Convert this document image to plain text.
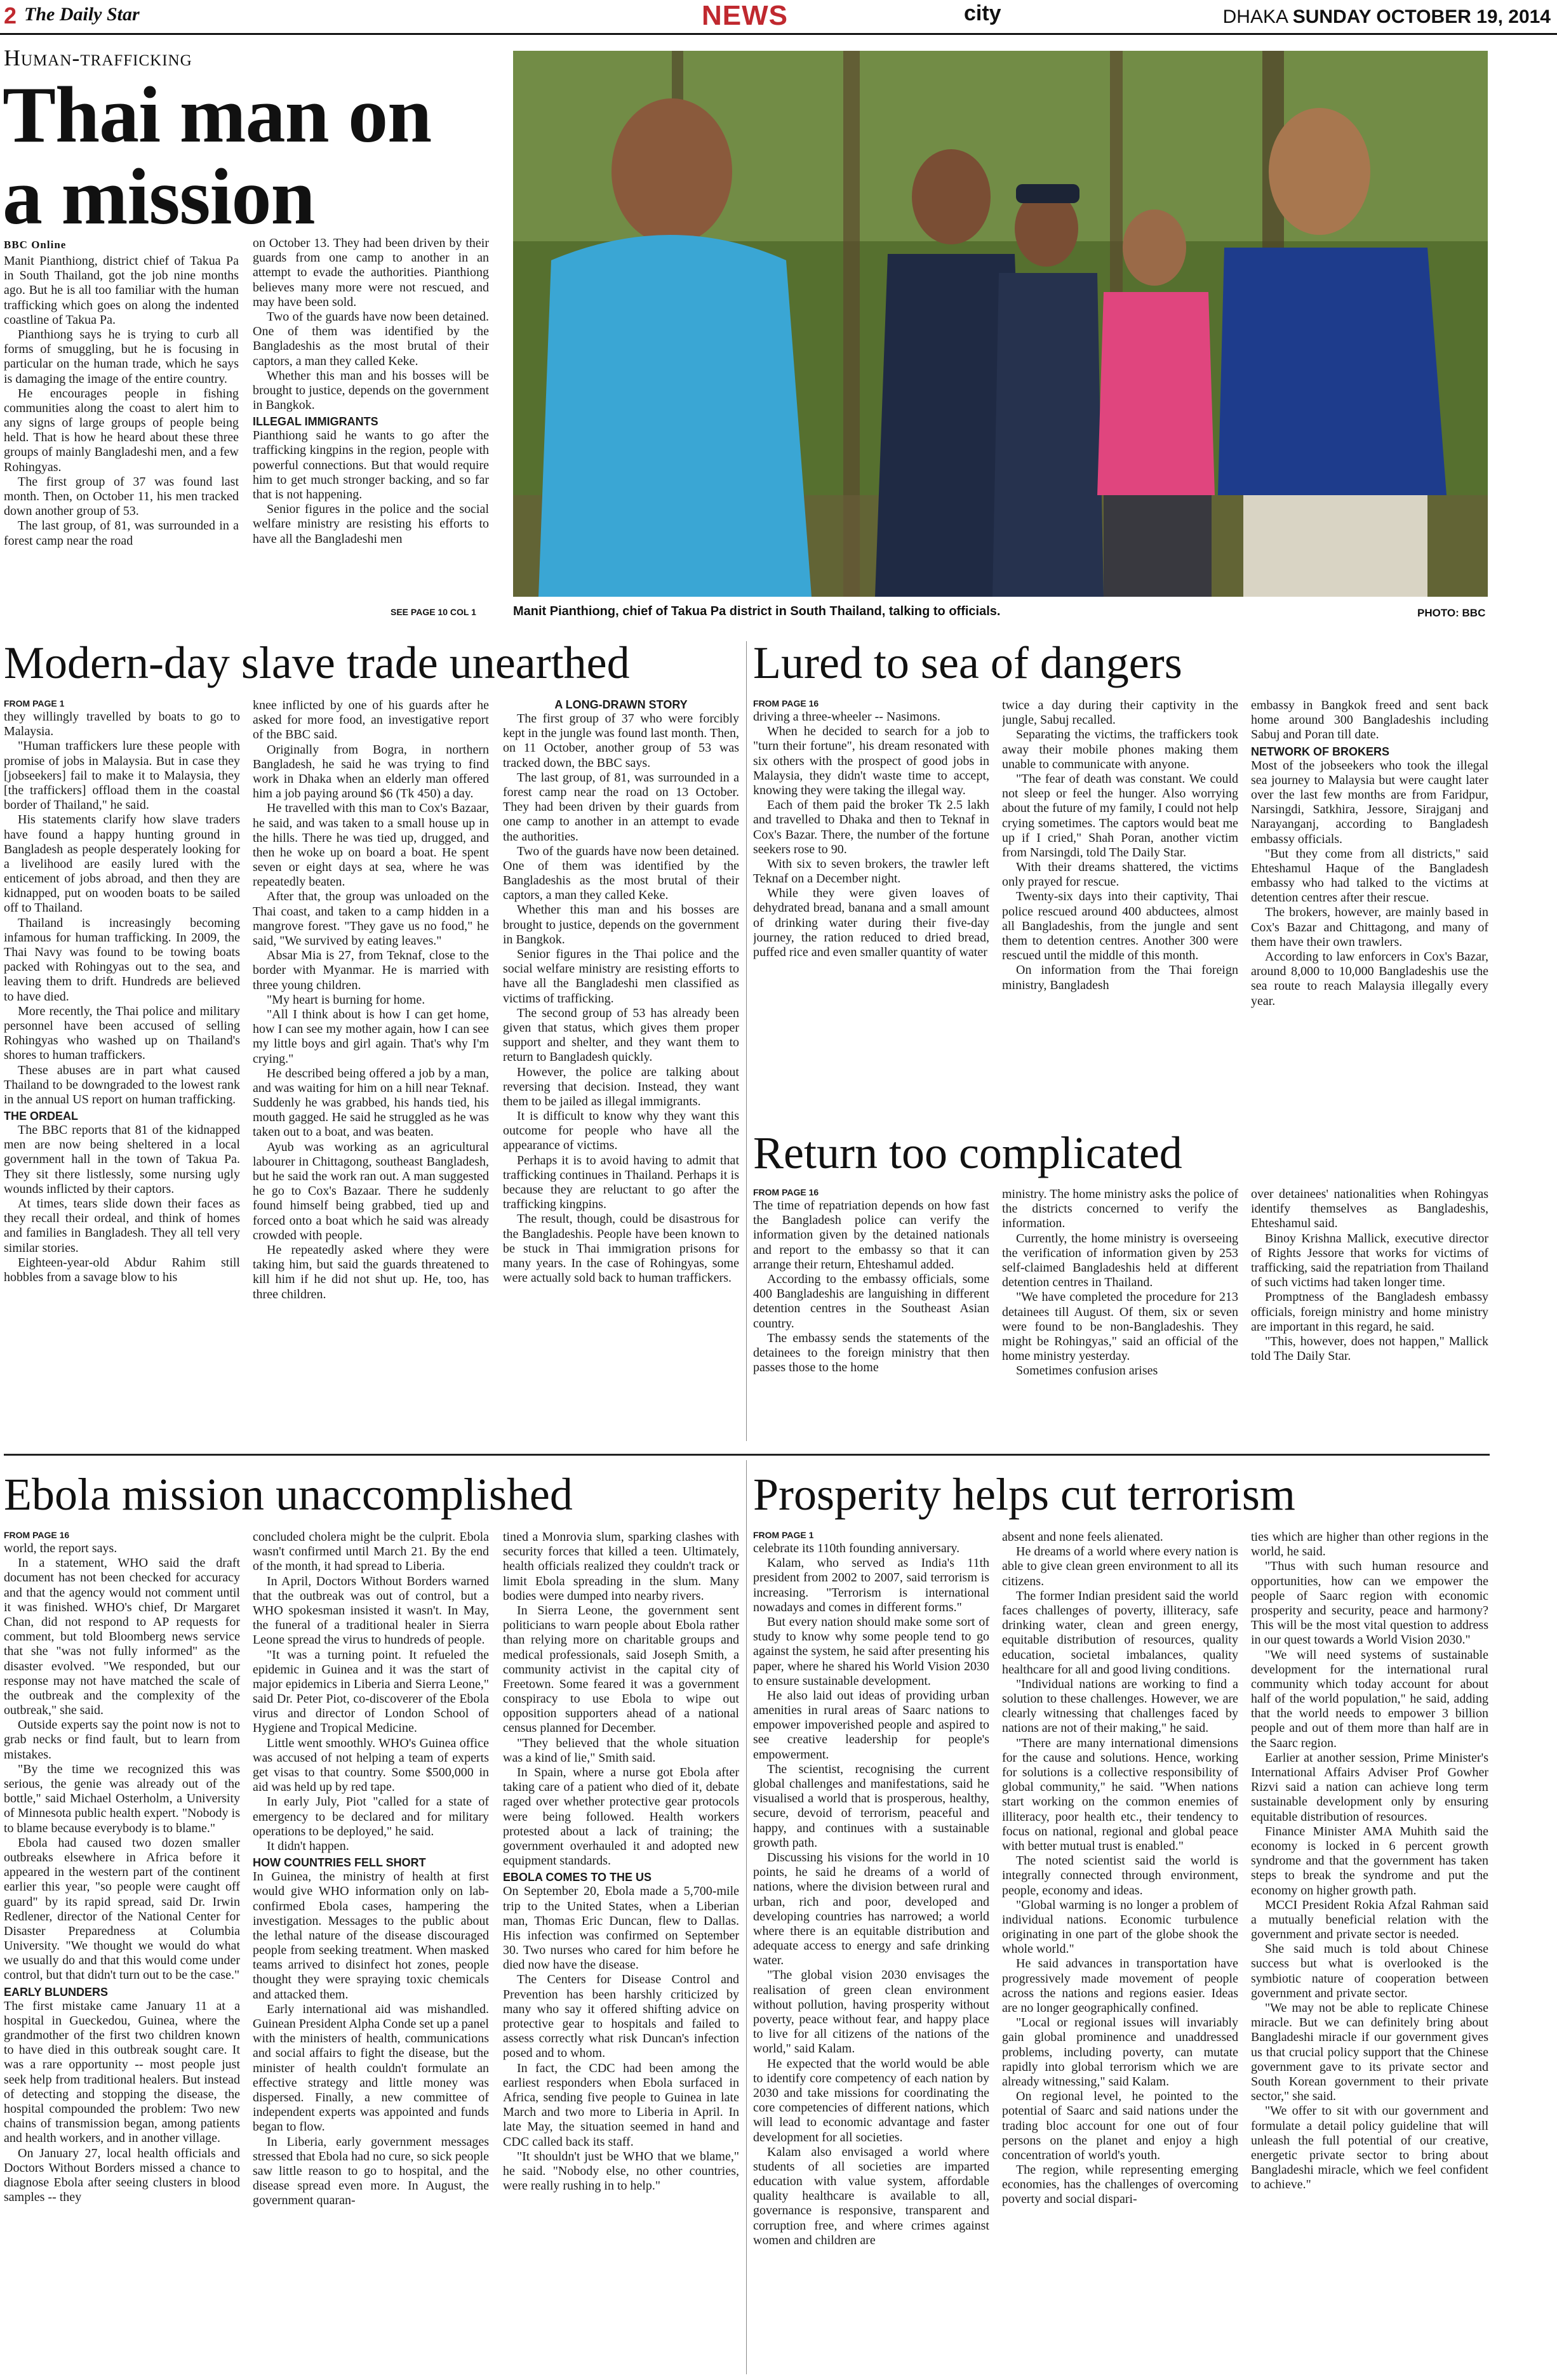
2 The Daily Star	NEWS	city	DHAKA SUNDAY OCTOBER 19, 2014
Human-trafficking
Thai man on
a mission
BBC Online

Manit Pianthiong, district chief of Takua Pa in South Thailand, got the job nine months ago. But he is all too familiar with the human trafficking which goes on along the indented coastline of Takua Pa.

Pianthiong says he is trying to curb all forms of smuggling, but he is focusing in particular on the human trade, which he says is damaging the image of the entire country.

He encourages people in fishing communities along the coast to alert him to any signs of large groups of people being held. That is how he heard about these three groups of mainly Bangladeshi men, and a few Rohingyas.

The first group of 37 was found last month. Then, on October 11, his men tracked down another group of 53.

The last group, of 81, was surrounded in a forest camp near the road

on October 13. They had been driven by their guards from one camp to another in an attempt to evade the authorities. Pianthiong believes many more were not rescued, and may have been sold.

Two of the guards have now been detained. One of them was identified by the Bangladeshis as the most brutal of their captors, a man they called Keke.

Whether this man and his bosses will be brought to justice, depends on the government in Bangkok.

ILLEGAL IMMIGRANTS

Pianthiong said he wants to go after the trafficking kingpins in the region, people with powerful connections. But that would require him to get much stronger backing, and so far that is not happening.

Senior figures in the police and the social welfare ministry are resisting his efforts to have all the Bangladeshi men

SEE PAGE 10 COL 1	Manit Pianthiong, chief of Takua Pa district in South Thailand, talking to officials.	PHOTO: BBC
Modern-day slave trade unearthed
FROM PAGE 1

they willingly travelled by boats to go to Malaysia.

"Human traffickers lure these people with promise of jobs in Malaysia. But in case they [jobseekers] fail to make it to Malaysia, they [the traffickers] offload them in the coastal border of Thailand," he said.

His statements clarify how slave traders have found a happy hunting ground in Bangladesh as people desperately looking for a livelihood are easily lured with the enticement of jobs abroad, and then they are kidnapped, put on wooden boats to be sailed off to Thailand.

Thailand is increasingly becoming infamous for human trafficking. In 2009, the Thai Navy was found to be towing boats packed with Rohingyas out to the sea, and leaving them to drift. Hundreds are believed to have died.

More recently, the Thai police and military personnel have been accused of selling Rohingyas who washed up on Thailand's shores to human traffickers.

These abuses are in part what caused Thailand to be downgraded to the lowest rank in the annual US report on human trafficking.

THE ORDEAL

The BBC reports that 81 of the kidnapped men are now being sheltered in a local government hall in the town of Takua Pa. They sit there listlessly, some nursing ugly wounds inflicted by their captors.

At times, tears slide down their faces as they recall their ordeal, and think of homes and families in Bangladesh. They all tell very similar stories.

Eighteen-year-old Abdur Rahim still hobbles from a savage blow to his

knee inflicted by one of his guards after he asked for more food, an investigative report of the BBC said.

Originally from Bogra, in northern Bangladesh, he said he was trying to find work in Dhaka when an elderly man offered him a job paying around $6 (Tk 450) a day.

He travelled with this man to Cox's Bazaar, he said, and was taken to a small house up in the hills. There he was tied up, drugged, and then he woke up on board a boat. He spent seven or eight days at sea, where he was repeatedly beaten.

After that, the group was unloaded on the Thai coast, and taken to a camp hidden in a mangrove forest. "They gave us no food," he said, "We survived by eating leaves."

Absar Mia is 27, from Teknaf, close to the border with Myanmar. He is married with three young children.

"My heart is burning for home.

"All I think about is how I can get home, how I can see my mother again, how I can see my little boys and girl again. That's why I'm crying."

He described being offered a job by a man, and was waiting for him on a hill near Teknaf. Suddenly he was grabbed, his hands tied, his mouth gagged. He said he struggled as he was taken out to a boat, and was beaten.

Ayub was working as an agricultural labourer in Chittagong, southeast Bangladesh, but he said the work ran out. A man suggested he go to Cox's Bazaar. There he suddenly found himself being grabbed, tied up and forced onto a boat which he said was already crowded with people.

He repeatedly asked where they were taking him, but said the guards threatened to kill him if he did not shut up. He, too, has three children.

A LONG-DRAWN STORY

The first group of 37 who were forcibly kept in the jungle was found last month. Then, on 11 October, another group of 53 was tracked down, the BBC says.

The last group, of 81, was surrounded in a forest camp near the road on 13 October. They had been driven by their guards from one camp to another in an attempt to evade the authorities.

Two of the guards have now been detained. One of them was identified by the Bangladeshis as the most brutal of their captors, a man they called Keke.

Whether this man and his bosses are brought to justice, depends on the government in Bangkok.

Senior figures in the Thai police and the social welfare ministry are resisting efforts to have all the Bangladeshi men classified as victims of trafficking.

The second group of 53 has already been given that status, which gives them proper support and shelter, and they want them to return to Bangladesh quickly.

However, the police are talking about reversing that decision. Instead, they want them to be jailed as illegal immigrants.

It is difficult to know why they want this outcome for people who have all the appearance of victims.

Perhaps it is to avoid having to admit that trafficking continues in Thailand. Perhaps it is because they are reluctant to go after the trafficking kingpins.

The result, though, could be disastrous for the Bangladeshis. People have been known to be stuck in Thai immigration prisons for many years. In the case of Rohingyas, some were actually sold back to human traffickers.

Lured to sea of dangers
FROM PAGE 16

driving a three-wheeler -- Nasimons.

When he decided to search for a job to "turn their fortune", his dream resonated with six others with the prospect of good jobs in Malaysia, they didn't waste time to accept, knowing they were taking the illegal way.

Each of them paid the broker Tk 2.5 lakh and travelled to Dhaka and then to Teknaf in Cox's Bazar. There, the number of the fortune seekers rose to 90.

With six to seven brokers, the trawler left Teknaf on a December night.

While they were given loaves of dehydrated bread, banana and a small amount of drinking water during their five-day journey, the ration reduced to dried bread, puffed rice and even smaller quantity of water

twice a day during their captivity in the jungle, Sabuj recalled.

Separating the victims, the traffickers took away their mobile phones making them unable to communicate with anyone.

"The fear of death was constant. We could not sleep or feel the hunger. Also worrying about the future of my family, I could not help crying sometimes. The captors would beat me up if I cried," Shah Poran, another victim from Narsingdi, told The Daily Star.

With their dreams shattered, the victims only prayed for rescue.

Twenty-six days into their captivity, Thai police rescued around 400 abductees, almost all Bangladeshis, from the jungle and sent them to detention centres. Another 300 were rescued until the middle of this month.

On information from the Thai foreign ministry, Bangladesh

embassy in Bangkok freed and sent back home around 300 Bangladeshis including Sabuj and Poran till date.

NETWORK OF BROKERS

Most of the jobseekers who took the illegal sea journey to Malaysia but were caught later over the last few months are from Faridpur, Narsingdi, Satkhira, Jessore, Sirajganj and Narayanganj, according to Bangladesh embassy officials.

"But they come from all districts," said Ehteshamul Haque of the Bangladesh embassy who had talked to the victims at detention centres after their rescue.

The brokers, however, are mainly based in Cox's Bazar and Chittagong, and many of them have their own trawlers.

According to law enforcers in Cox's Bazar, around 8,000 to 10,000 Bangladeshis use the sea route to reach Malaysia illegally every year.

Return too complicated
FROM PAGE 16

The time of repatriation depends on how fast the Bangladesh police can verify the information given by the detained nationals and report to the embassy so that it can arrange their return, Ehteshamul added.

According to the embassy officials, some 400 Bangladeshis are languishing in different detention centres in the Southeast Asian country.

The embassy sends the statements of the detainees to the foreign ministry that then passes those to the home

ministry. The home ministry asks the police of the districts concerned to verify the information.

Currently, the home ministry is overseeing the verification of information given by 253 self-claimed Bangladeshis held at different detention centres in Thailand.

"We have completed the procedure for 213 detainees till August. Of them, six or seven were found to be non-Bangladeshis. They might be Rohingyas," said an official of the home ministry yesterday.

Sometimes confusion arises

over detainees' nationalities when Rohingyas identify themselves as Bangladeshis, Ehteshamul said.

Binoy Krishna Mallick, executive director of Rights Jessore that works for victims of trafficking, said the repatriation from Thailand of such victims had taken longer time.

Promptness of the Bangladesh embassy officials, foreign ministry and home ministry are important in this regard, he said.

"This, however, does not happen," Mallick told The Daily Star.

Ebola mission unaccomplished
FROM PAGE 16

world, the report says.

In a statement, WHO said the draft document has not been checked for accuracy and that the agency would not comment until it was finished. WHO's chief, Dr Margaret Chan, did not respond to AP requests for comment, but told Bloomberg news service that she "was not fully informed" as the disaster evolved. "We responded, but our response may not have matched the scale of the outbreak and the complexity of the outbreak," she said.

Outside experts say the point now is not to grab necks or find fault, but to learn from mistakes.

"By the time we recognized this was serious, the genie was already out of the bottle," said Michael Osterholm, a University of Minnesota public health expert. "Nobody is to blame because everybody is to blame."

Ebola had caused two dozen smaller outbreaks elsewhere in Africa before it appeared in the western part of the continent earlier this year, "so people were caught off guard" by its rapid spread, said Dr. Irwin Redlener, director of the National Center for Disaster Preparedness at Columbia University. "We thought we would do what we usually do and that this would come under control, but that didn't turn out to be the case."

EARLY BLUNDERS

The first mistake came January 11 at a hospital in Gueckedou, Guinea, where the grandmother of the first two children known to have died in this outbreak sought care. It was a rare opportunity -- most people just seek help from traditional healers. But instead of detecting and stopping the disease, the hospital compounded the problem: Two new chains of transmission began, among patients and health workers, and in another village.

On January 27, local health officials and Doctors Without Borders missed a chance to diagnose Ebola after seeing clusters in blood samples -- they

concluded cholera might be the culprit. Ebola wasn't confirmed until March 21. By the end of the month, it had spread to Liberia.

In April, Doctors Without Borders warned that the outbreak was out of control, but a WHO spokesman insisted it wasn't. In May, the funeral of a traditional healer in Sierra Leone spread the virus to hundreds of people.

"It was a turning point. It refueled the epidemic in Guinea and it was the start of major epidemics in Liberia and Sierra Leone," said Dr. Peter Piot, co-discoverer of the Ebola virus and director of London School of Hygiene and Tropical Medicine.

Little went smoothly. WHO's Guinea office was accused of not helping a team of experts get visas to that country. Some $500,000 in aid was held up by red tape.

In early July, Piot "called for a state of emergency to be declared and for military operations to be deployed," he said.

It didn't happen.

HOW COUNTRIES FELL SHORT

In Guinea, the ministry of health at first would give WHO information only on lab-confirmed Ebola cases, hampering the investigation. Messages to the public about the lethal nature of the disease discouraged people from seeking treatment. When masked teams arrived to disinfect hot zones, people thought they were spraying toxic chemicals and attacked them.

Early international aid was mishandled. Guinean President Alpha Conde set up a panel with the ministers of health, communications and social affairs to fight the disease, but the minister of health couldn't formulate an effective strategy and little money was dispersed. Finally, a new committee of independent experts was appointed and funds began to flow.

In Liberia, early government messages stressed that Ebola had no cure, so sick people saw little reason to go to hospital, and the disease spread even more. In August, the government quaran-

tined a Monrovia slum, sparking clashes with security forces that killed a teen. Ultimately, health officials realized they couldn't track or limit Ebola spreading in the slum. Many bodies were dumped into nearby rivers.

In Sierra Leone, the government sent politicians to warn people about Ebola rather than relying more on charitable groups and medical professionals, said Joseph Smith, a community activist in the capital city of Freetown. Some feared it was a government conspiracy to use Ebola to wipe out opposition supporters ahead of a national census planned for December.

"They believed that the whole situation was a kind of lie," Smith said.

In Spain, where a nurse got Ebola after taking care of a patient who died of it, debate raged over whether protective gear protocols were being followed. Health workers protested about a lack of training; the government overhauled it and adopted new equipment standards.

EBOLA COMES TO THE US

On September 20, Ebola made a 5,700-mile trip to the United States, when a Liberian man, Thomas Eric Duncan, flew to Dallas. His infection was confirmed on September 30. Two nurses who cared for him before he died now have the disease.

The Centers for Disease Control and Prevention has been harshly criticized by many who say it offered shifting advice on protective gear to hospitals and failed to assess correctly what risk Duncan's infection posed and to whom.

In fact, the CDC had been among the earliest responders when Ebola surfaced in Africa, sending five people to Guinea in late March and two more to Liberia in April. In late May, the situation seemed in hand and CDC called back its staff.

"It shouldn't just be WHO that we blame," he said. "Nobody else, no other countries, were really rushing in to help."

Prosperity helps cut terrorism
FROM PAGE 1

celebrate its 110th founding anniversary.

Kalam, who served as India's 11th president from 2002 to 2007, said terrorism is increasing. "Terrorism is international nowadays and comes in different forms."

But every nation should make some sort of study to know why some people tend to go against the system, he said after presenting his paper, where he shared his World Vision 2030 to ensure sustainable development.

He also laid out ideas of providing urban amenities in rural areas of Saarc nations to empower impoverished people and aspired to see creative leadership for people's empowerment.

The scientist, recognising the current global challenges and manifestations, said he visualised a world that is prosperous, healthy, secure, devoid of terrorism, peaceful and happy, and continues with a sustainable growth path.

Discussing his visions for the world in 10 points, he said he dreams of a world of nations, where the division between rural and urban, rich and poor, developed and developing countries has narrowed; a world where there is an equitable distribution and adequate access to energy and safe drinking water.

"The global vision 2030 envisages the realisation of green clean environment without pollution, having prosperity without poverty, peace without fear, and happy place to live for all citizens of the nations of the world," said Kalam.

He expected that the world would be able to identify core competency of each nation by 2030 and take missions for coordinating the core competencies of different nations, which will lead to economic advantage and faster development for all societies.

Kalam also envisaged a world where students of all societies are imparted education with value system, affordable quality healthcare is available to all, governance is responsive, transparent and corruption free, and where crimes against women and children are

absent and none feels alienated.

He dreams of a world where every nation is able to give clean green environment to all its citizens.

The former Indian president said the world faces challenges of poverty, illiteracy, safe drinking water, clean and green energy, equitable distribution of resources, quality education, societal imbalances, quality healthcare for all and good living conditions.

"Individual nations are working to find a solution to these challenges. However, we are clearly witnessing that challenges faced by nations are not of their making," he said.

"There are many international dimensions for the cause and solutions. Hence, working for solutions is a collective responsibility of global community," he said. "When nations start working on the common enemies of illiteracy, poor health etc., their tendency to focus on national, regional and global peace with better mutual trust is enabled."

The noted scientist said the world is integrally connected through environment, people, economy and ideas.

"Global warming is no longer a problem of individual nations. Economic turbulence originating in one part of the globe shook the whole world."

He said advances in transportation have progressively made movement of people across the nations and regions easier. Ideas are no longer geographically confined.

"Local or regional issues will invariably gain global prominence and unaddressed problems, including poverty, can mutate rapidly into global terrorism which we are already witnessing," said Kalam.

On regional level, he pointed to the potential of Saarc and said nations under the trading bloc account for one out of four persons on the planet and enjoy a high concentration of world's youth.

The region, while representing emerging economies, has the challenges of overcoming poverty and social dispari-

ties which are higher than other regions in the world, he said.

"Thus with such human resource and opportunities, how can we empower the people of Saarc region with economic prosperity and security, peace and harmony? This will be the most vital question to address in our quest towards a World Vision 2030."

"We will need systems of sustainable development for the international rural community which today account for about half of the world population," he said, adding that the world needs to empower 3 billion people and out of them more than half are in the Saarc region.

Earlier at another session, Prime Minister's International Affairs Adviser Prof Gowher Rizvi said a nation can achieve long term sustainable development only by ensuring equitable distribution of resources.

Finance Minister AMA Muhith said the economy is locked in 6 percent growth syndrome and that the government has taken steps to break the syndrome and put the economy on higher growth path.

MCCI President Rokia Afzal Rahman said a mutually beneficial relation with the government and private sector is needed.

She said much is told about Chinese success but what is overlooked is the symbiotic nature of cooperation between government and private sector.

"We may not be able to replicate Chinese miracle. But we can definitely bring about Bangladeshi miracle if our government gives us that crucial policy support that the Chinese government gave to its private sector and South Korean government to their private sector," she said.

"We offer to sit with our government and formulate a detail policy guideline that will unleash the full potential of our creative, energetic private sector to bring about Bangladeshi miracle, which we feel confident to achieve."
